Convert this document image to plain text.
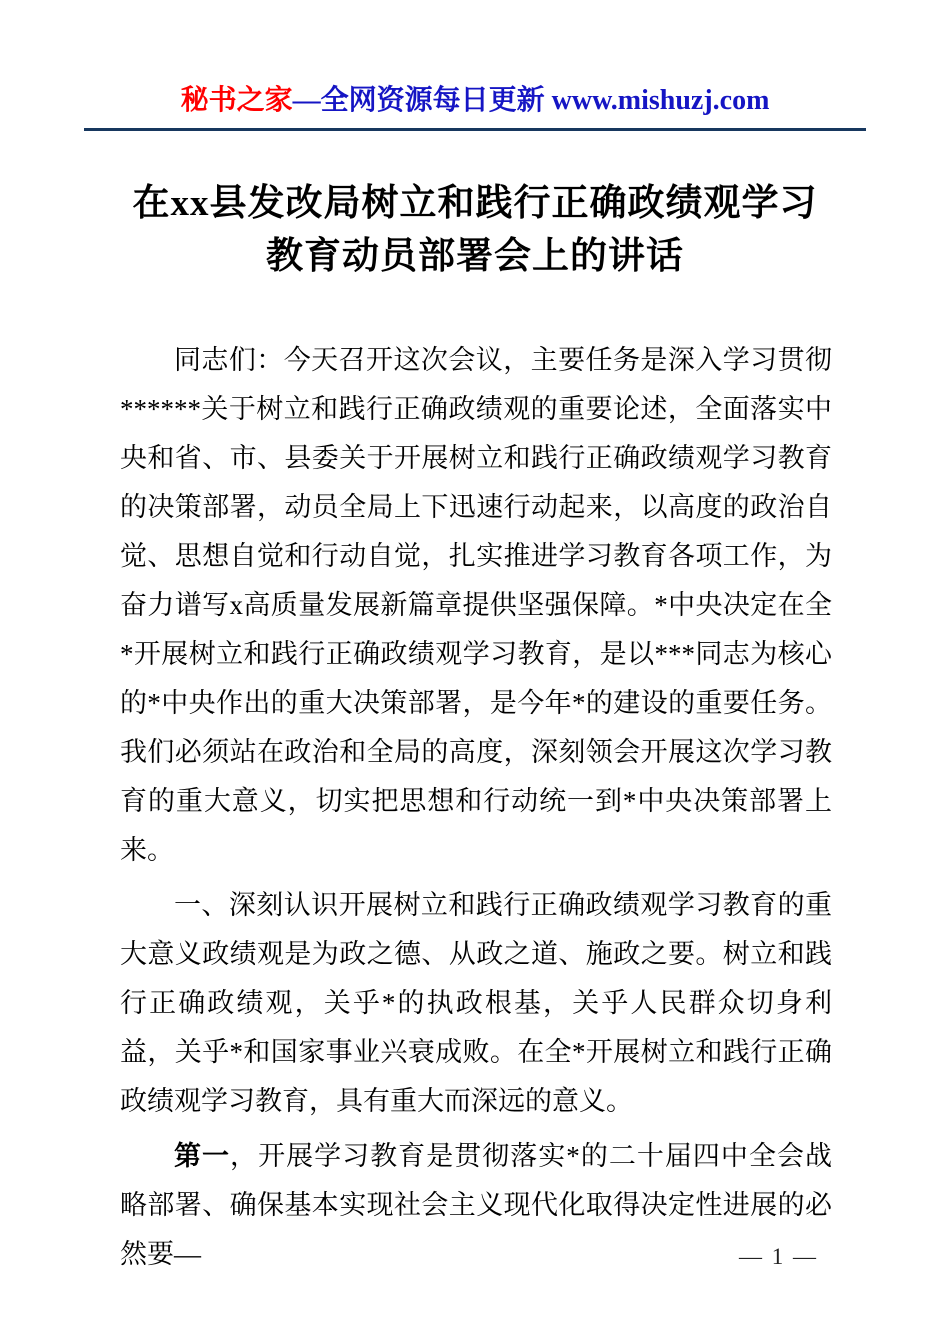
秘书之家—全网资源每日更新 www.mishuzj.com
在xx县发改局树立和践行正确政绩观学习
教育动员部署会上的讲话

同志们：今天召开这次会议，主要任务是深入学习贯彻******关于树立和践行正确政绩观的重要论述，全面落实中央和省、市、县委关于开展树立和践行正确政绩观学习教育的决策部署，动员全局上下迅速行动起来，以高度的政治自觉、思想自觉和行动自觉，扎实推进学习教育各项工作，为奋力谱写x高质量发展新篇章提供坚强保障。*中央决定在全*开展树立和践行正确政绩观学习教育，是以***同志为核心的*中央作出的重大决策部署，是今年*的建设的重要任务。我们必须站在政治和全局的高度，深刻领会开展这次学习教育的重大意义，切实把思想和行动统一到*中央决策部署上来。

一、深刻认识开展树立和践行正确政绩观学习教育的重大意义政绩观是为政之德、从政之道、施政之要。树立和践行正确政绩观，关乎*的执政根基，关乎人民群众切身利益，关乎*和国家事业兴衰成败。在全*开展树立和践行正确政绩观学习教育，具有重大而深远的意义。

第一，开展学习教育是贯彻落实*的二十届四中全会战略部署、确保基本实现社会主义现代化取得决定性进展的必然要—	— 1 —
